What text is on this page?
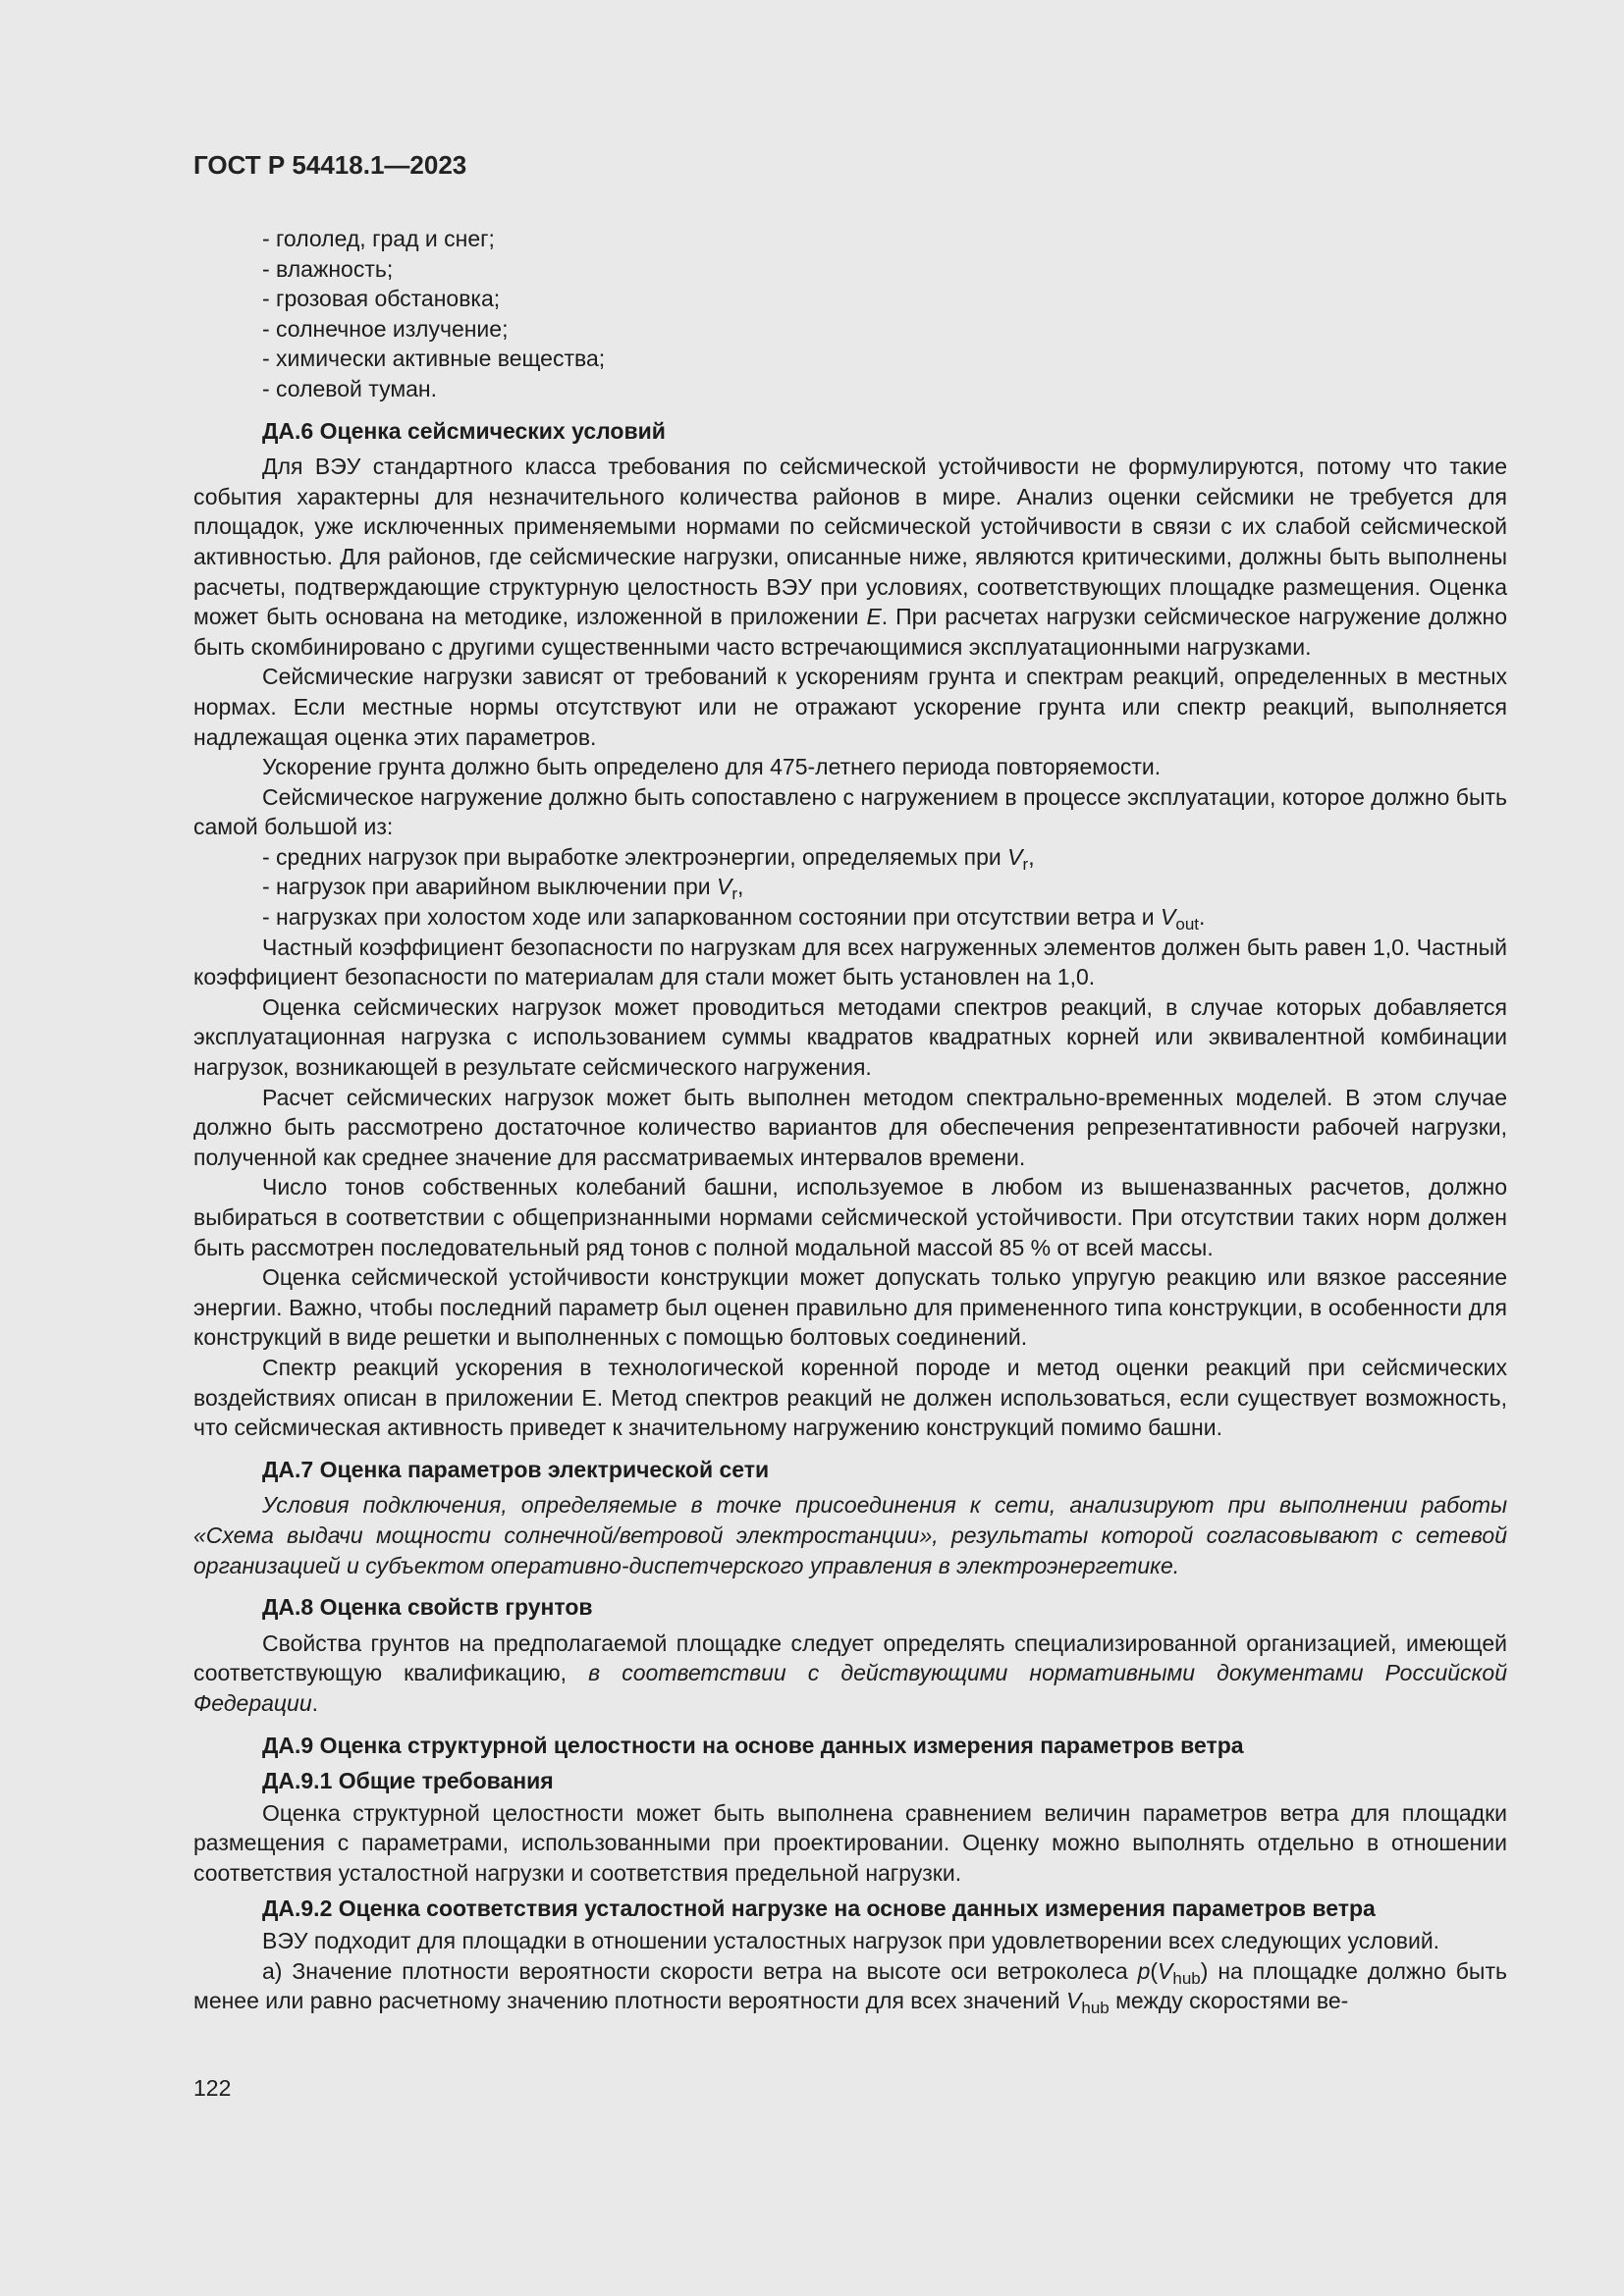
ГОСТ Р 54418.1—2023

- гололед, град и снег;

- влажность;

- грозовая обстановка;

- солнечное излучение;

- химически активные вещества;

- солевой туман.

ДА.6 Оценка сейсмических условий

Для ВЭУ стандартного класса требования по сейсмической устойчивости не формулируются, потому что такие события характерны для незначительного количества районов в мире. Анализ оценки сейсмики не требуется для площадок, уже исключенных применяемыми нормами по сейсмической устойчивости в связи с их слабой сейсмической активностью. Для районов, где сейсмические нагрузки, описанные ниже, являются критическими, должны быть выполнены расчеты, подтверждающие структурную целостность ВЭУ при условиях, соответствующих площадке размещения. Оценка может быть основана на методике, изложенной в приложении Е. При расчетах нагрузки сейсмическое нагружение должно быть скомбинировано с другими существенными часто встречающимися эксплуатационными нагрузками.

Сейсмические нагрузки зависят от требований к ускорениям грунта и спектрам реакций, определенных в местных нормах. Если местные нормы отсутствуют или не отражают ускорение грунта или спектр реакций, выполняется надлежащая оценка этих параметров.

Ускорение грунта должно быть определено для 475-летнего периода повторяемости.

Сейсмическое нагружение должно быть сопоставлено с нагружением в процессе эксплуатации, которое должно быть самой большой из:

- средних нагрузок при выработке электроэнергии, определяемых при $V_r$,

- нагрузок при аварийном выключении при $V_r$,

- нагрузках при холостом ходе или запаркованном состоянии при отсутствии ветра и $V_{out}$.

Частный коэффициент безопасности по нагрузкам для всех нагруженных элементов должен быть равен 1,0. Частный коэффициент безопасности по материалам для стали может быть установлен на 1,0.

Оценка сейсмических нагрузок может проводиться методами спектров реакций, в случае которых добавляется эксплуатационная нагрузка с использованием суммы квадратов квадратных корней или эквивалентной комбинации нагрузок, возникающей в результате сейсмического нагружения.

Расчет сейсмических нагрузок может быть выполнен методом спектрально-временных моделей. В этом случае должно быть рассмотрено достаточное количество вариантов для обеспечения репрезентативности рабочей нагрузки, полученной как среднее значение для рассматриваемых интервалов времени.

Число тонов собственных колебаний башни, используемое в любом из вышеназванных расчетов, должно выбираться в соответствии с общепризнанными нормами сейсмической устойчивости. При отсутствии таких норм должен быть рассмотрен последовательный ряд тонов с полной модальной массой 85 % от всей массы.

Оценка сейсмической устойчивости конструкции может допускать только упругую реакцию или вязкое рассеяние энергии. Важно, чтобы последний параметр был оценен правильно для примененного типа конструкции, в особенности для конструкций в виде решетки и выполненных с помощью болтовых соединений.

Спектр реакций ускорения в технологической коренной породе и метод оценки реакций при сейсмических воздействиях описан в приложении Е. Метод спектров реакций не должен использоваться, если существует возможность, что сейсмическая активность приведет к значительному нагружению конструкций помимо башни.

ДА.7 Оценка параметров электрической сети

Условия подключения, определяемые в точке присоединения к сети, анализируют при выполнении работы «Схема выдачи мощности солнечной/ветровой электростанции», результаты которой согласовывают с сетевой организацией и субъектом оперативно-диспетчерского управления в электроэнергетике.

ДА.8 Оценка свойств грунтов

Свойства грунтов на предполагаемой площадке следует определять специализированной организацией, имеющей соответствующую квалификацию, в соответствии с действующими нормативными документами Российской Федерации.

ДА.9 Оценка структурной целостности на основе данных измерения параметров ветра

ДА.9.1 Общие требования

Оценка структурной целостности может быть выполнена сравнением величин параметров ветра для площадки размещения с параметрами, использованными при проектировании. Оценку можно выполнять отдельно в отношении соответствия усталостной нагрузки и соответствия предельной нагрузки.

ДА.9.2 Оценка соответствия усталостной нагрузке на основе данных измерения параметров ветра

ВЭУ подходит для площадки в отношении усталостных нагрузок при удовлетворении всех следующих условий.

а) Значение плотности вероятности скорости ветра на высоте оси ветроколеса $p(V_{hub})$ на площадке должно быть менее или равно расчетному значению плотности вероятности для всех значений $V_{hub}$ между скоростями ве-

122
